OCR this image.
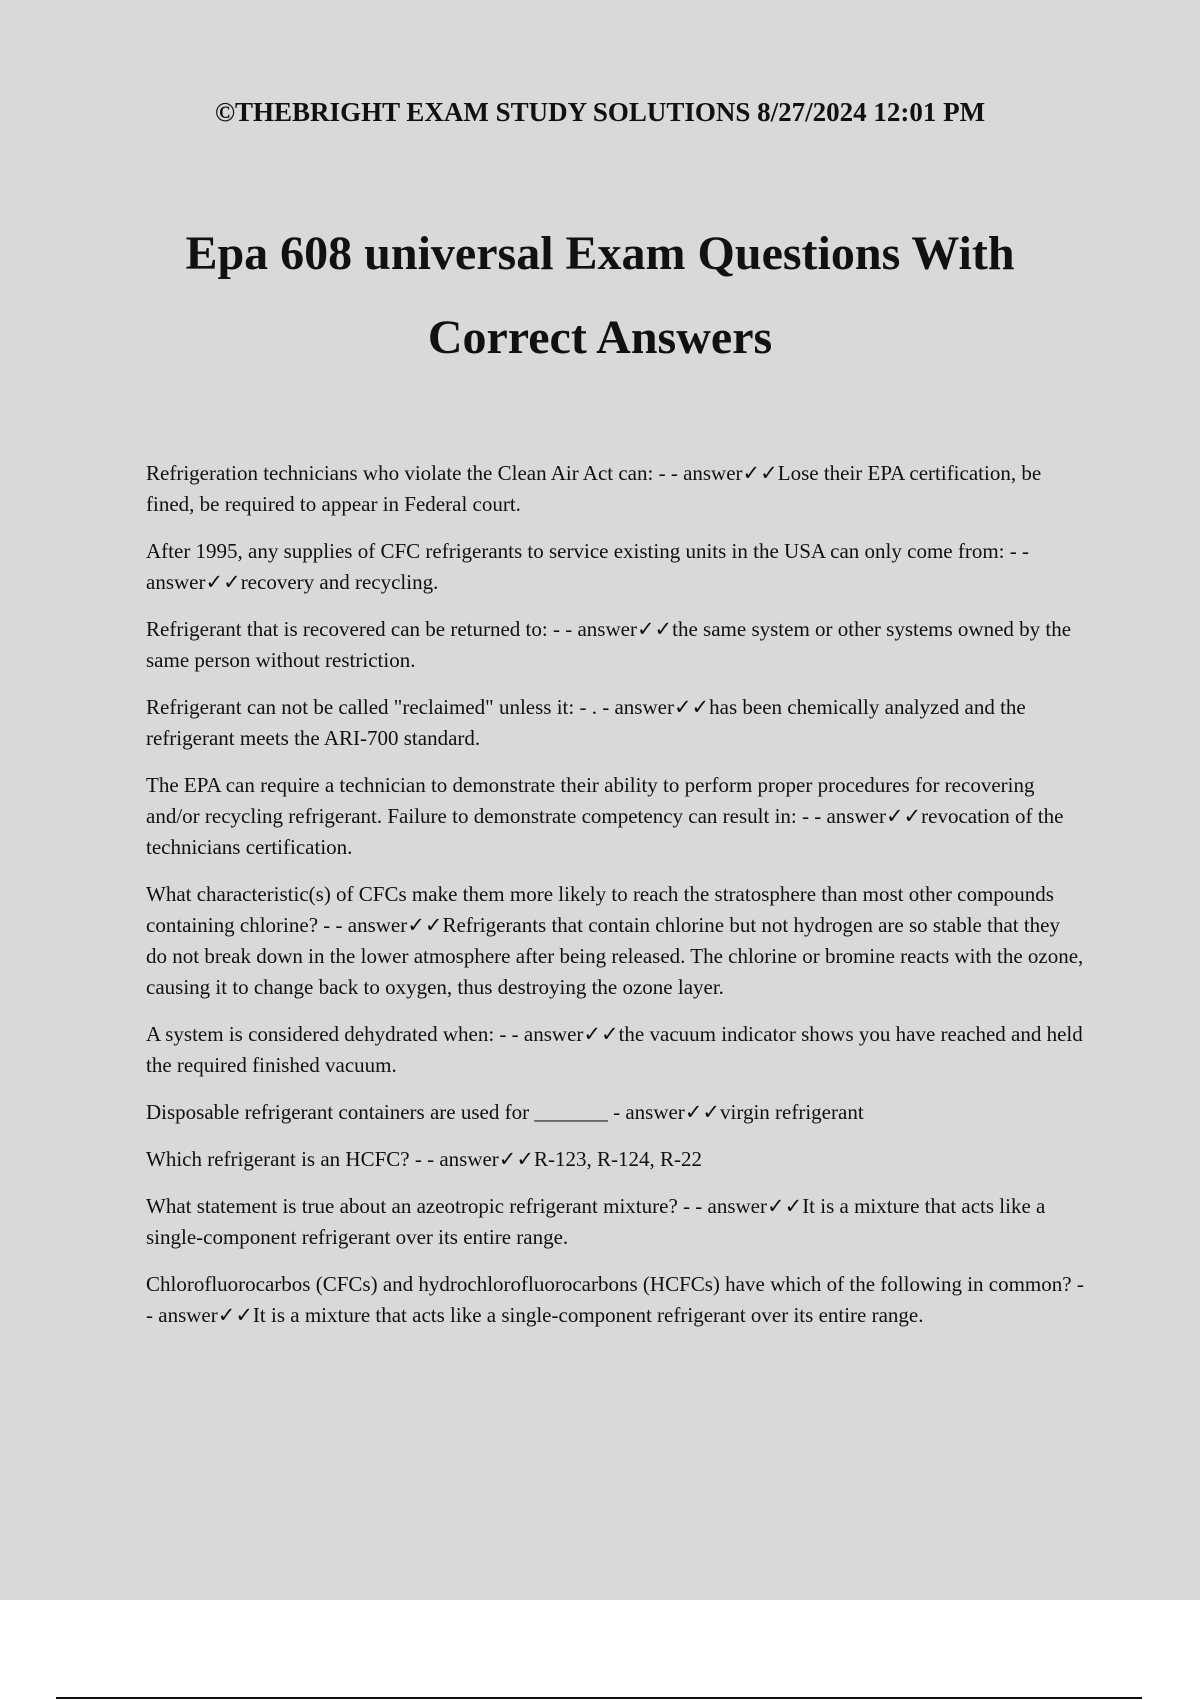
©THEBRIGHT EXAM STUDY SOLUTIONS 8/27/2024 12:01 PM
Epa 608 universal Exam Questions With
Correct Answers

Refrigeration technicians who violate the Clean Air Act can: - - answer✓✓Lose their EPA certification, be fined, be required to appear in Federal court.

After 1995, any supplies of CFC refrigerants to service existing units in the USA can only come from: - - answer✓✓recovery and recycling.

Refrigerant that is recovered can be returned to: - - answer✓✓the same system or other systems owned by the same person without restriction.

Refrigerant can not be called "reclaimed" unless it: - . - answer✓✓has been chemically analyzed and the refrigerant meets the ARI-700 standard.

The EPA can require a technician to demonstrate their ability to perform proper procedures for recovering and/or recycling refrigerant. Failure to demonstrate competency can result in: - - answer✓✓revocation of the technicians certification.

What characteristic(s) of CFCs make them more likely to reach the stratosphere than most other compounds containing chlorine? - - answer✓✓Refrigerants that contain chlorine but not hydrogen are so stable that they do not break down in the lower atmosphere after being released. The chlorine or bromine reacts with the ozone, causing it to change back to oxygen, thus destroying the ozone layer.

A system is considered dehydrated when: - - answer✓✓the vacuum indicator shows you have reached and held the required finished vacuum.

Disposable refrigerant containers are used for _______ - answer✓✓virgin refrigerant

Which refrigerant is an HCFC? - - answer✓✓R-123, R-124, R-22

What statement is true about an azeotropic refrigerant mixture? - - answer✓✓It is a mixture that acts like a single-component refrigerant over its entire range.

Chlorofluorocarbos (CFCs) and hydrochlorofluorocarbons (HCFCs) have which of the following in common? - - answer✓✓It is a mixture that acts like a single-component refrigerant over its entire range.
